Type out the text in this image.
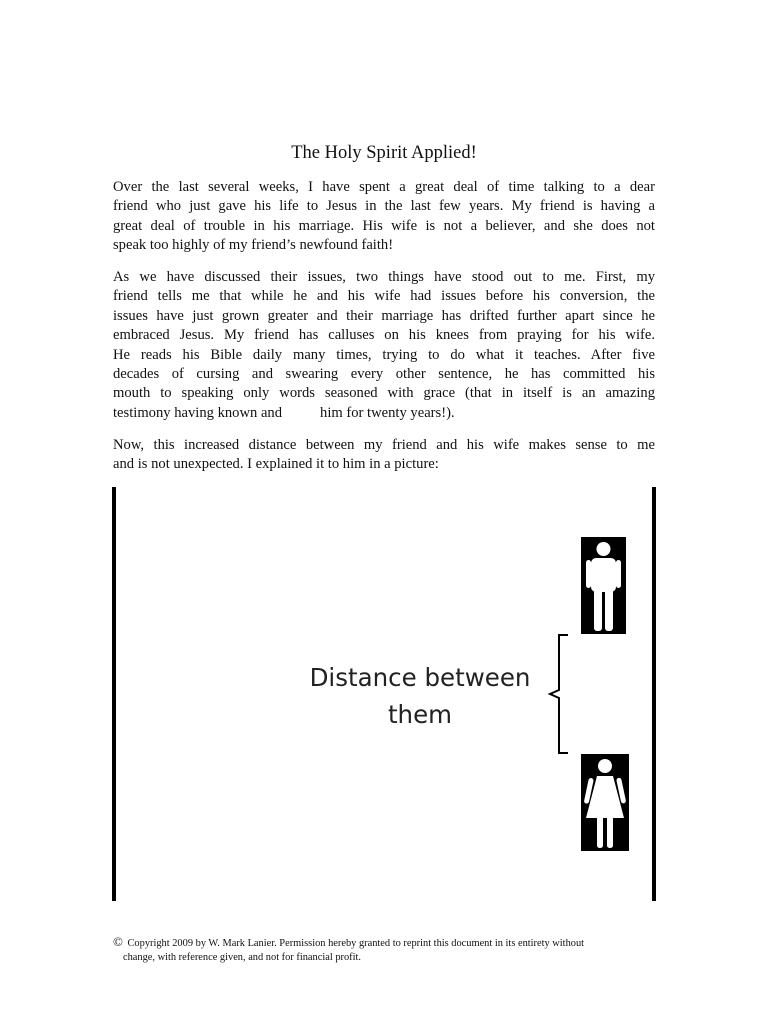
The Holy Spirit Applied!

Over the last several weeks, I have spent a great deal of time talking to a dear
friend who just gave his life to Jesus in the last few years. My friend is having a
great deal of trouble in his marriage. His wife is not a believer, and she does not
speak too highly of my friend’s newfound faith!

As we have discussed their issues, two things have stood out to me. First, my
friend tells me that while he and his wife had issues before his conversion, the
issues have just grown greater and their marriage has drifted further apart since he
embraced Jesus. My friend has calluses on his knees from praying for his wife.
He reads his Bible daily many times, trying to do what it teaches. After five
decades of cursing and swearing every other sentence, he has committed his
mouth to speaking only words seasoned with grace (that in itself is an amazing
testimony having known and	him for twenty years!).

Now, this increased distance between my friend and his wife makes sense to me
and is not unexpected. I explained it to him in a picture:

Distance between
them
© Copyright 2009 by W. Mark Lanier. Permission hereby granted to reprint this document in its entirety without
change, with reference given, and not for financial profit.
